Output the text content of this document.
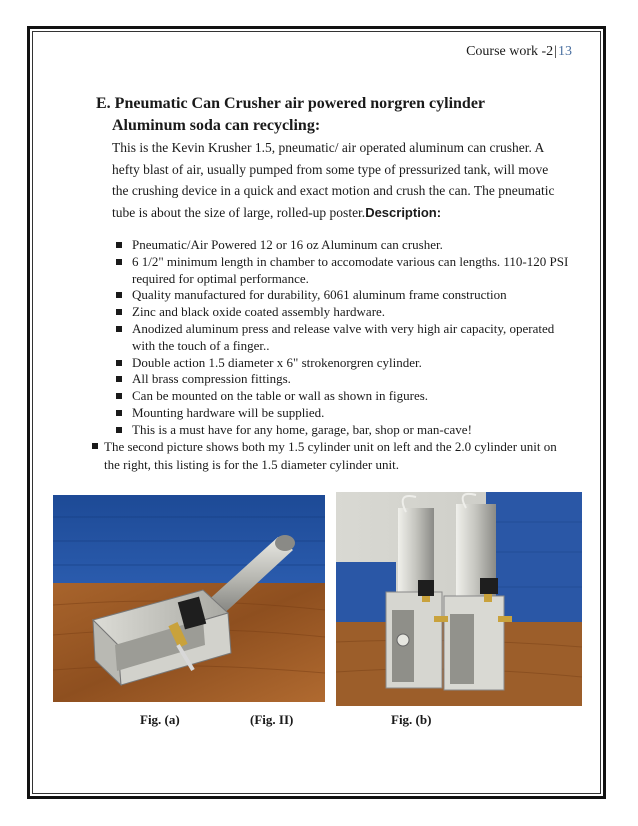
Course work -2|13
E. Pneumatic Can Crusher air powered norgren cylinder
Aluminum soda can recycling:
This is the Kevin Krusher 1.5, pneumatic/ air operated aluminum can crusher. A hefty blast of air, usually pumped from some type of pressurized tank, will move the crushing device in a quick and exact motion and crush the can. The pneumatic tube is about the size of large, rolled-up poster.Description:
Pneumatic/Air Powered 12 or 16 oz Aluminum can crusher.
6 1/2" minimum length in chamber to accomodate various can lengths. 110-120 PSI required for optimal performance.
Quality manufactured for durability, 6061 aluminum frame construction
Zinc and black oxide coated assembly hardware.
Anodized aluminum press and release valve with very high air capacity, operated with the touch of a finger..
Double action 1.5 diameter x 6" strokenorgren cylinder.
All brass compression fittings.
Can be mounted on the table or wall as shown in figures.
Mounting hardware will be supplied.
This is a must have for any home, garage, bar, shop or man-cave!
The second picture shows both my 1.5 cylinder unit on left and the 2.0 cylinder unit on the right, this listing is for the 1.5 diameter cylinder unit.
Fig. (a)	(Fig. II)	Fig. (b)
